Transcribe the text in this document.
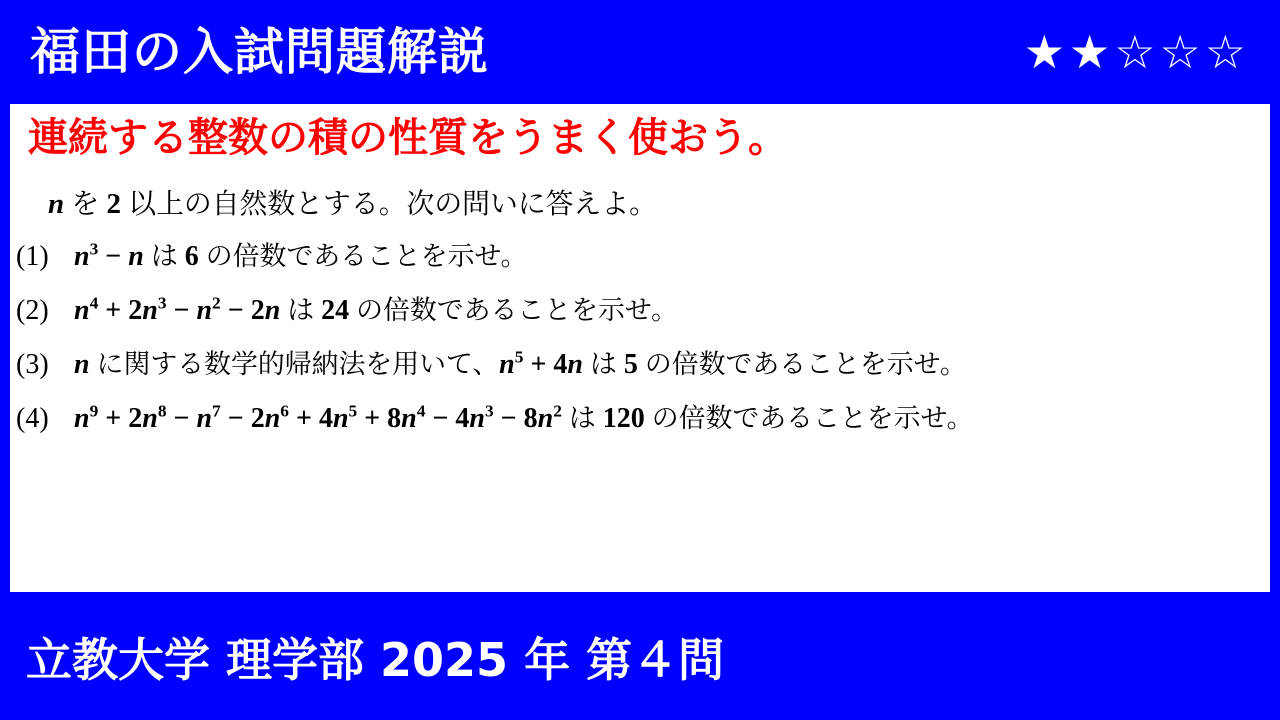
福田の入試問題解説	★ ★ ☆ ☆ ☆
連続する整数の積の性質をうまく使おう。
n を 2 以上の自然数とする。次の問いに答えよ。
(1) $n^3 - n$ は 6 の倍数であることを示せ。
(2) $n^4 + 2n^3 - n^2 - 2n$ は 24 の倍数であることを示せ。
(3) n に関する数学的帰納法を用いて、$n^5 + 4n$ は 5 の倍数であることを示せ。
(4) $n^9 + 2n^8 - n^7 - 2n^6 + 4n^5 + 8n^4 - 4n^3 - 8n^2$ は 120 の倍数であることを示せ。
立教大学 理学部 2025 年 第４問
